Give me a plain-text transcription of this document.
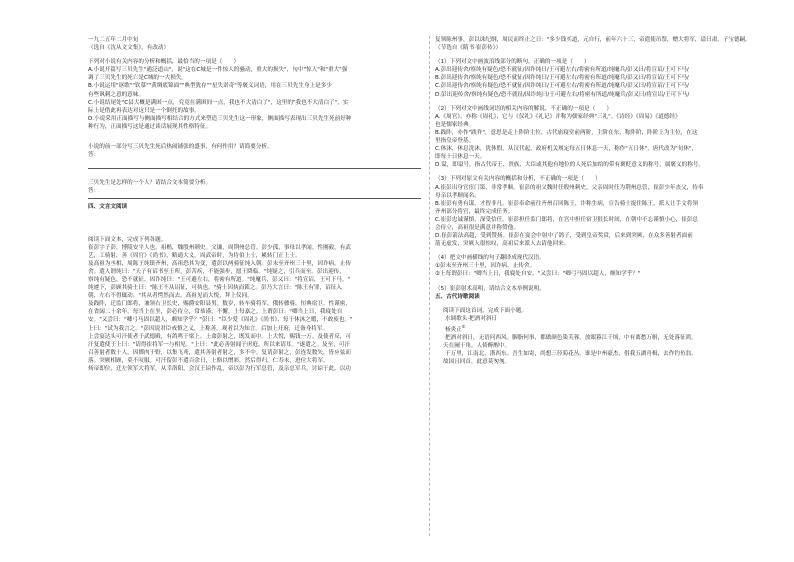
一九二五年二月中旬

（选自《沈从文文集》，有改动）

下列对小说有关内容的分析和概括，最恰当的一项是（　　）

A.小说开篇写三贝先生"通泛道山"，说"这在C城是一件惊人的骚动，重大的损失"，句中"惊人"和"重大"强

调了三贝先生的死亡是C城的一大损失。

B.小说运用"讴歌""钦慕""黄绸底锦面""典型犹存""星失诺奇"等褒义词语，用在三贝先生身上是多少

有些讽刺之意的意味。

C.小说结尾处"C县大概是满困一点，究竟在满困间一点，我也不大清白了"，这里的"我也不大清白了"，实

际上是借此再表达对这只是一个倒托的故事。

D.小说采用正面描写与侧面描写相结合的方式来塑造三贝先生这一形象，侧面描写表现出三贝先生死前好种

种行为，正面描写这是通过谈话展现其性格特征。

小说的前一部分写三贝先生死后热闹铺张的盛事，有何作用？请简要分析。

答：

三贝先生是怎样的一个人？请结合文本简要分析。

答：

四、文言文阅读

阅读下面文本，完成下列各题。

崔彭字子彭，博陵安平人也。祖楷，魏殷州刺史。父谦，周荆州总管。彭少孤，事母以孝闻。性刚毅，有武

艺，工骑射，善《周官》《尚书》，略通大义。周武帝时，为侍伯上士，累转门正上士。

及高祖为丞相，周陈王纯镇齐州，高祖恐其为变，遣彭以两骑征纯入朝。彭未至齐州三十里，因诈病，止传

舍。遣人谓纯曰："天子有诏书至王所，彭苦疾，不能强步，愿王降临。"纯疑之，引兵而至。彭出迎传，

察纯有疑色，恐不就征，因诈纯曰："王可避左右，将密有所道。"纯麾兵，彭又曰："将宣诏，王可下马。"

纯遽下，彭顾其骑士曰："陈王不从诏征，可执也。"骑士因执而锁之。彭乃大言曰："陈王有罪，诏征入

朝，左右不得辄动。"其从者愕然而去。高祖见而大悦，拜上仪同。

及践阼，迁监门郎将，兼领右卫长史，赐爵安阳县男。数岁，转车骑将军，俄转骠骑，恒典宿卫。性谨密，

在省闼二十余年，每当上在坐，彭必侍立，常恭谨，不懈。上每嘉之。上谓彭曰："卿当上日，我寝处自

安。"又尝曰："卿弓马固以超人，颇知学乎？"彭曰："臣少爱《周礼》《尚书》，每于休沐之暇，不敢废也。"

上曰："试为我言之。"彭因说君臣戒慎之义，上称善。观者以为知言。后加上开府，迁备身将军。

上尝宴达头可汗使者于武德殿，有鸽鸣于梁上。上命彭射之，既发而中。上大悦，赐钱一万。及使者反，可

汗复遣使于上曰："请得崔将军一与相见。"上曰："此必善射闻于虏庭，所以来请耳。"遂遣之。及至，可汗

召善射者数十人，因掷肉于野，以集飞鸢，遣其善射者射之，多不中。复请彭射之，彭连发数矢，皆应弦而

落。突厥相顾，莫不叹服。可汗留彭不遣百余日，上赂以缯彩，然后得归。仁寿末，进位大将军。

炀帝即位，迁左领军大将军。从幸洛阳，会汉王谅作乱，帝以彭为行军总管，及亲总军兵，讨谅于此，以功

复领陈州事，彭以诛纪纲，周民而终止之日："多少钱买道，元自行，前年六十三，帝遣使吊祭，赠大将军，谥曰肃，子宝德嗣。

（节选自《隋书·崔彭传》）

（1）下列对文中画波浪线部分的断句，正确的一项是（　　）

A.彭出迎传舍/察纯有疑色/恐不就征/因诈纯曰/王可避左右/将密有所道/纯麾兵/彭又曰/将宣诏/王可下马/

B.彭出迎传舍/察纯有疑色/恐不就征/因诈纯曰/王可避左右/将密有所道/纯麾兵/彭又曰/将宣诏/王可下马/

C.彭出迎传舍/察纯有疑色/恐不就征/因诈纯曰/王可避左右/将密有所道/纯麾兵/彭又曰/将宣诏/王可下马/

D.彭出迎传舍/察纯有疑色/恐不就征/因诈纯曰/王可避左右/将密有所道/纯麾兵/彭又曰/将宣诏/王可下马/

（2）下列对文中画线词语的相关内容的解说，不正确的一项是（　　）

A.《周官》，亦称《周礼》，它与《仪礼》《礼记》并称为儒家经典"三礼"。《诗经》《周易》《道德经》

也是儒家经典。

B.践阼，亦作"践祚"，意思是走上阼阶主位，古代庙寝堂前两阶，主阶在东，称阼阶，阼阶上为主位，在这

里指皇帝登基。

C.休沐，休息洗沐，犹休假，从汉代起，政府机关规定每五日休息一天，称作"五日休"，唐代改为"旬休"，

即每十日休息一天。

D.谥，即谥号，指古代帝王、贵族、大臣或其他有地位的人死后加给的带有褒贬意义的称号，属褒义的称号。

（3）下列对原文有关内容的概括和分析，不正确的一项是（　　）

A.崔彭出身官宦门第，非常孝顺。崔彭的祖父魏时任殷州刺史，父亲周时任为荆州总管，崔彭少年丧父，侍奉

母亲以孝顺闻名。

B.崔彭有勇有谋，才智非凡。崔彭奉命前往齐州召回陈王，诈称生病，宣告骑士捉住陈王，派人让手文将领

齐州部分将官，最终完成任务。

C.崔彭忠诚谨慎，深受信任。崔彭担任监门郎将，在宫中担任宿卫很长时间，在朝中不忘谨慎小心，崔彭总

会侍立，高祖很是满意并称赞他。

D.崔彭箭法高超，受到赞扬。崔彭在宴会中射中了鸽子，受到皇帝奖赏，后来到突厥，在众多善射者面前

箭无虚发，突厥人很惊叹，高祖后来派人去请他回来。

（4）把文中画横线的句子翻译成现代汉语。

①彭未至齐州三十里，因诈病，止传舍。

②上每谓彭曰："卿当上日，我寝处自安。"又尝曰："卿弓马固以超人，颇知学乎？"

（5）崔彭射术高明，请结合文本举例说明。

五、古代诗歌阅读

阅读下面这首词，完成下面小题。

水调歌头·把酒对斜日

杨炎正①

把酒对斜日，无语问西风。胭脂何事，都做颜色染芙蓉。放眼暮江千顷，中有离愁万斛，无处落征鸿。

天在阑干角，人倚醉醒中。

千万里，江南北，浙西东。吾生如寄，尚想三径菊花丛。谁是中州豪杰，借我五湖舟楫，去作钓鱼翁。

故国且回首，此意莫匆匆。
